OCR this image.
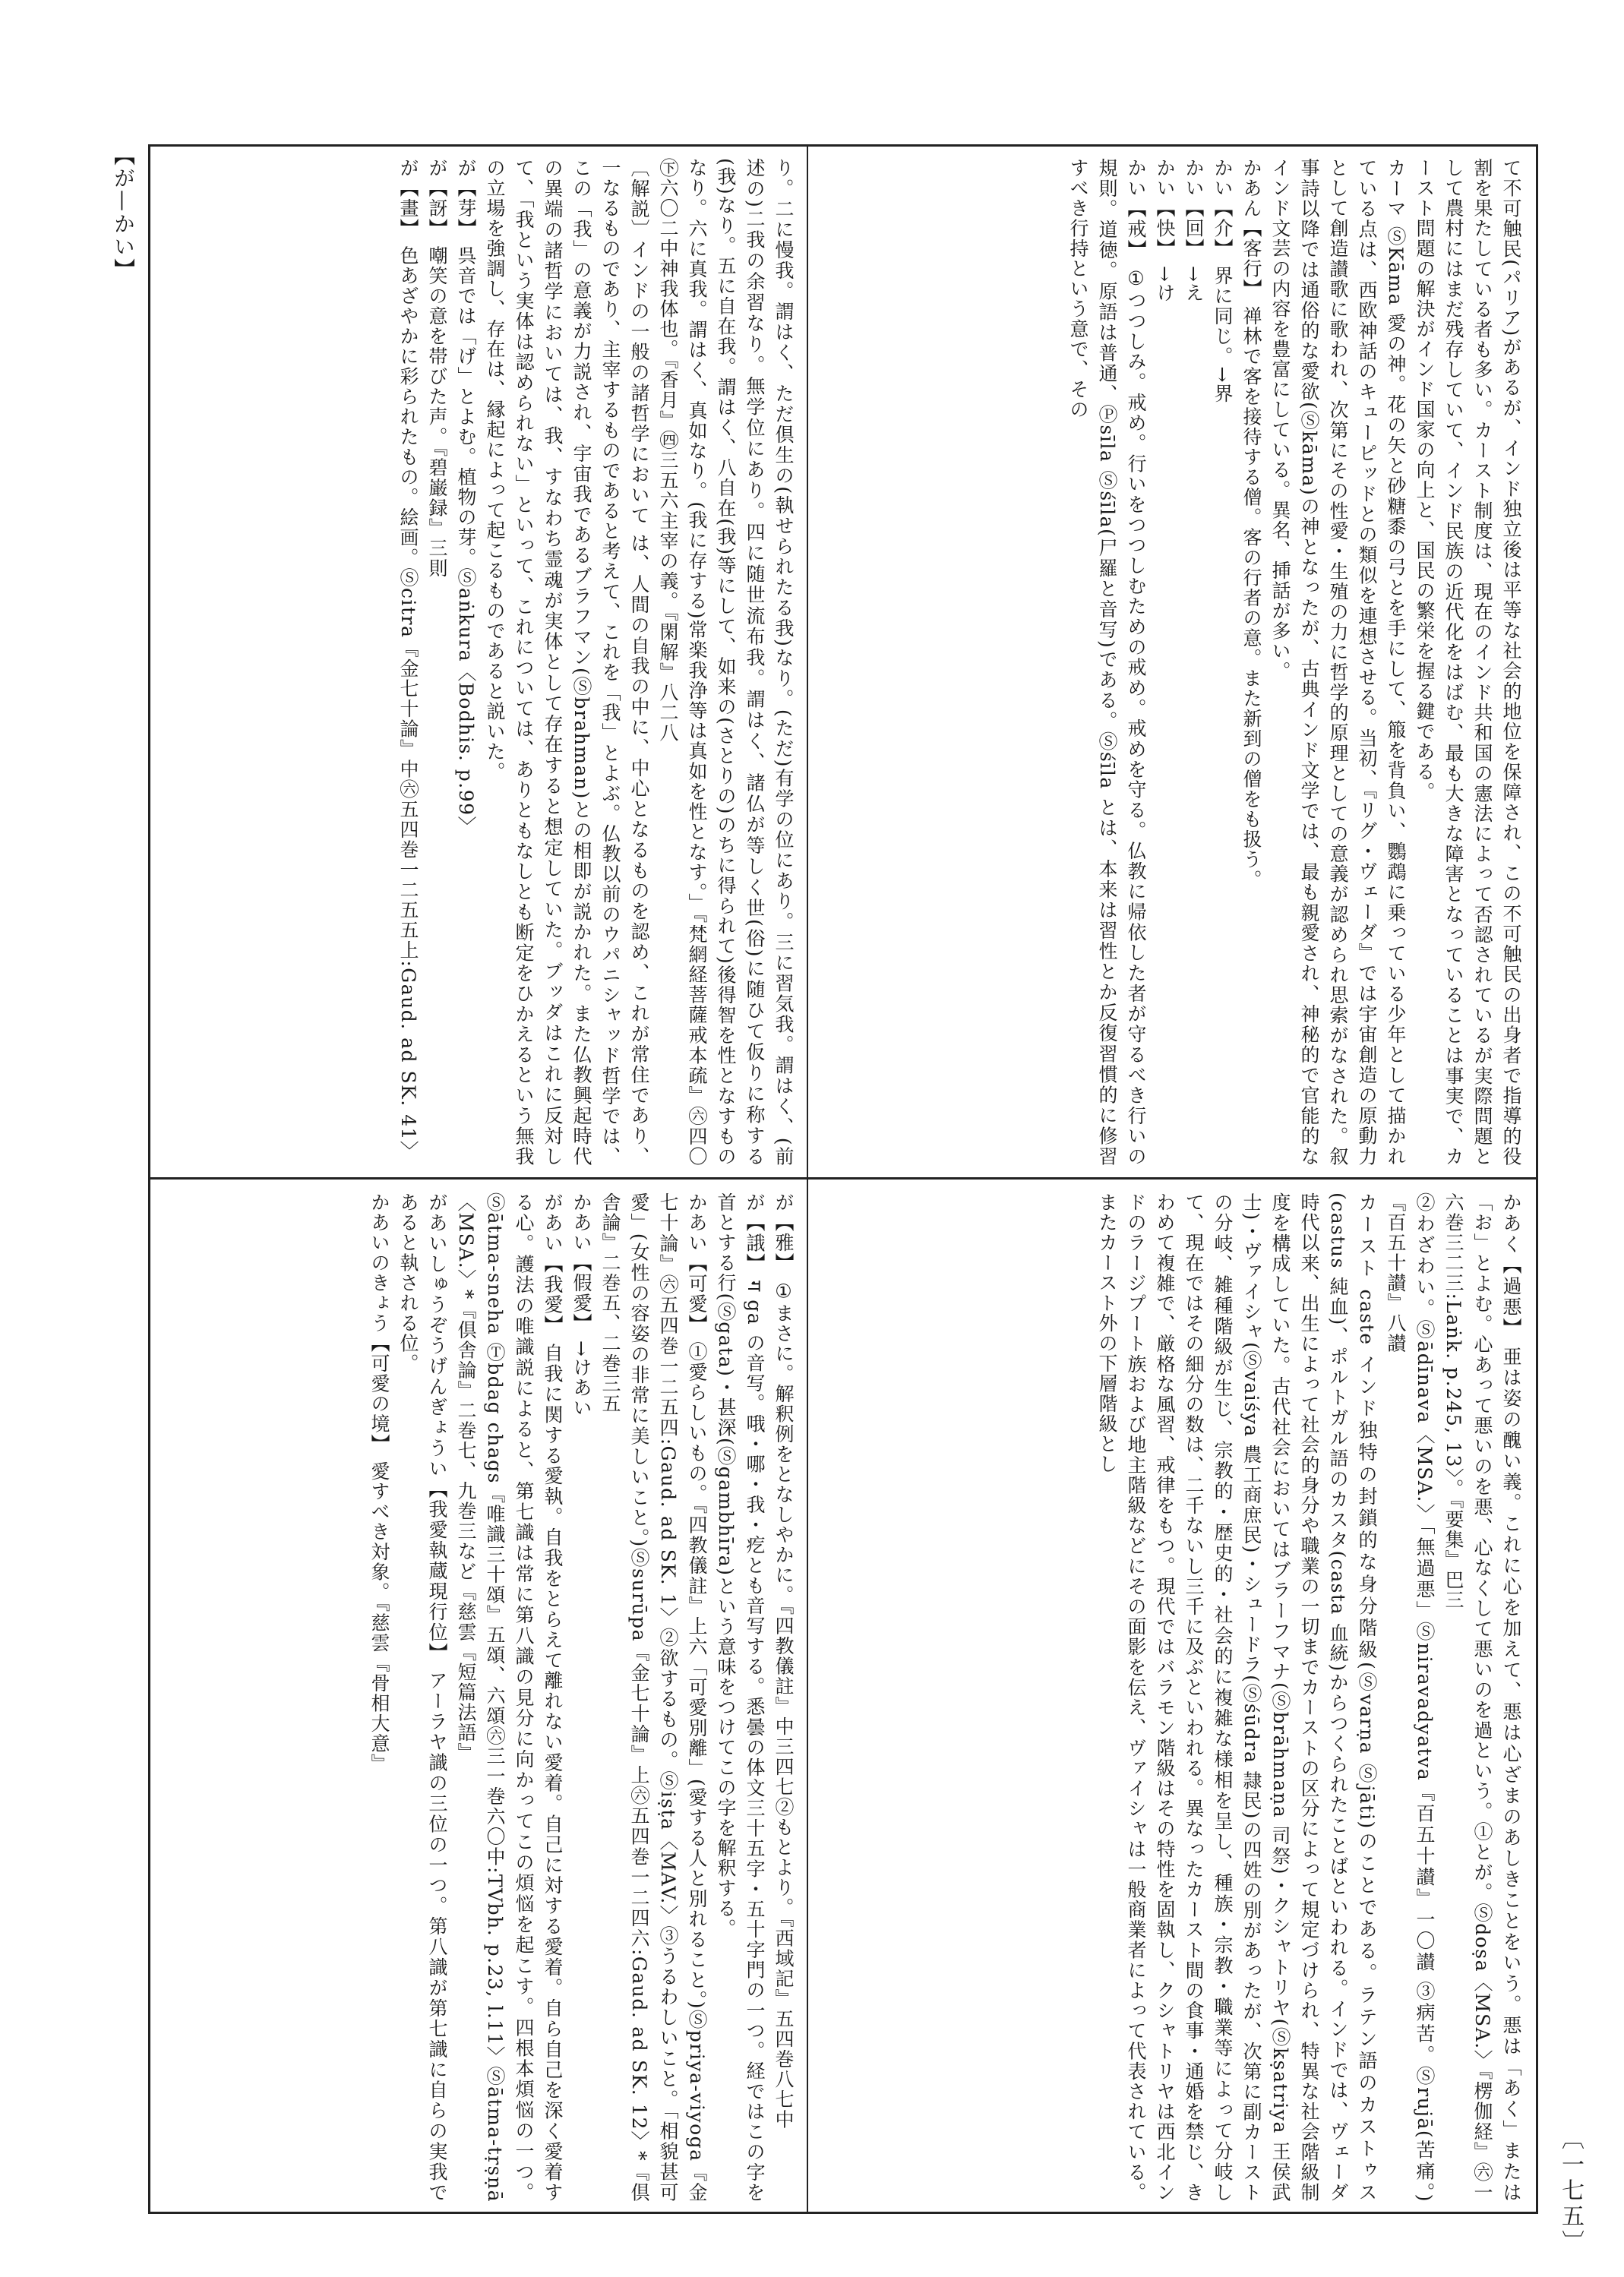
【が—かい】
〔一七五〕

て不可触民(パリア)があるが、インド独立後は平等な社会的地位を保障され、この不可触民の出身者で指導的役割を果たしている者も多い。カースト制度は、現在のインド共和国の憲法によって否認されているが実際問題として農村にはまだ残存していて、インド民族の近代化をはばむ、最も大きな障害となっていることは事実で、カースト問題の解決がインド国家の向上と、国民の繁栄を握る鍵である。

カーマ ⓈKāma 愛の神。花の矢と砂糖黍の弓とを手にして、箙を背負い、鸚鵡に乗っている少年として描かれている点は、西欧神話のキューピッドとの類似を連想させる。当初、『リグ・ヴェーダ』では宇宙創造の原動力として創造讃歌に歌われ、次第にその性愛・生殖の力に哲学的原理としての意義が認められ思索がなされた。叙事詩以降では通俗的な愛欲(Ⓢkāma)の神となったが、古典インド文学では、最も親愛され、神秘的で官能的なインド文芸の内容を豊富にしている。異名、挿話が多い。

かあん【客行】 禅林で客を接待する僧。客の行者の意。また新到の僧をも扱う。

かい【介】 界に同じ。→界

かい【回】 →え

かい【快】 →け

かい【戒】 ①つつしみ。戒め。行いをつつしむための戒め。戒めを守る。仏教に帰依した者が守るべき行いの規則。道徳。原語は普通、Ⓟsīla Ⓢśīla(尸羅と音写)である。Ⓢśīla とは、本来は習性とか反復習慣的に修習すべき行持という意で、その

り。二に慢我。謂はく、ただ倶生の(執せられたる我)なり。(ただ)有学の位にあり。三に習気我。謂はく、(前述の)二我の余習なり。無学位にあり。四に随世流布我。謂はく、諸仏が等しく世(俗)に随ひて仮りに称する(我)なり。五に自在我。謂はく、八自在(我)等にして、如来の(さとりの)のちに得られて)後得智を性となすものなり。六に真我。謂はく、真如なり。(我に存する)常楽我浄等は真如を性となす。」『梵網経菩薩戒本疏』㊅四〇㊦六〇二中神我体也。『香月』㊃三五六主宰の義。『閑解』八二八

〔解説〕インドの一般の諸哲学において は、人間の自我の中に、中心となるものを認め、これが常住であり、一なるものであり、主宰するものであると考えて、これを「我」とよぶ。仏教以前のウパニシャッド哲学では、この「我」の意義が力説され、宇宙我であるブラフマン(Ⓢbrahman)との相即が説かれた。また仏教興起時代の異端の諸哲学においては、我、すなわち霊魂が実体として存在すると想定していた。ブッダはこれに反対して、「我という実体は認められない」といって、これについては、ありともなしとも断定をひかえるという無我の立場を強調し、存在は、縁起によって起こるものであると説いた。

が【芽】 呉音では「げ」とよむ。植物の芽。Ⓢaṅkura〈Bodhis. p.99〉

が【訝】 嘲笑の意を帯びた声。『碧巌録』三則

が【畫】 色あざやかに彩られたもの。絵画。Ⓢcitra『金七十論』中㊅五四巻一二五五上:Gaud. ad SK. 41〉

かあく【過悪】 亜は姿の醜い義。これに心を加えて、悪は心ざまのあしきことをいう。悪は「あく」または「お」とよむ。心あって悪いのを悪、心なくして悪いのを過という。①とが。Ⓢdoṣa〈MSA.〉『楞伽経』㊅一六巻三二三:Laṅk. p.245, 13〉。『要集』巴三

②わざわい。Ⓢādīnava〈MSA.〉「無過悪」Ⓢniravadyatva『百五十讃』一〇讃 ③病苦。Ⓢrujā(苦痛。)『百五十讃』八讃

カースト caste インド独特の封鎖的な身分階級(Ⓢvarṇa Ⓢjāti)のことである。ラテン語のカストゥス(castus 純血)、ポルトガル語のカスタ(casta 血統)からつくられたことばといわれる。インドでは、ヴェーダ時代以来、出生によって社会的身分や職業の一切までカーストの区分によって規定づけられ、特異な社会階級制度を構成していた。古代社会においてはブラーフマナ(Ⓢbrāhmaṇa 司祭)・クシャトリヤ(Ⓢkṣatriya 王侯武士)・ヴァイシャ(Ⓢvaiśya 農工商庶民)・シュードラ(Ⓢśūdra 隷民)の四姓の別があったが、次第に副カーストの分岐、雑種階級が生じ、宗教的・歴史的・社会的に複雑な様相を呈し、種族・宗教・職業等によって分岐して、現在ではその細分の数は、二千ないし三千に及ぶといわれる。異なったカースト間の食事・通婚を禁じ、きわめて複雑で、厳格な風習、戒律をもつ。現代ではバラモン階級はその特性を固執し、クシャトリヤは西北インドのラージプート族および地主階級などにその面影を伝え、ヴァイシャは一般商業者によって代表されている。またカースト外の下層階級とし

が【雅】 ①まさに。解釈例をとなしやかに。『四教儀註』中三四七②もとより。『西域記』五四巻八七中

が【誐】 ग ga の音写。哦・哪・我・疙とも音写する。悉曇の体文三十五字・五十字門の一つ。経ではこの字を首とする行(Ⓢgata)・甚深(Ⓢgambhīra)という意味をつけてこの字を解釈する。

かあい【可愛】 ①愛らしいもの。『四教儀註』上六「可愛別離」(愛する人と別れること。)Ⓢpriya-viyoga『金七十論』㊅五四巻一二五四:Gaud. ad SK. 1〉②欲するもの。Ⓢiṣṭa〈MAV.〉③うるわしいこと。「相貌甚可愛」(女性の容姿の非常に美しいこと。)Ⓢsurūpa『金七十論』上㊅五四巻一二四六:Gaud. ad SK. 12〉*『倶舎論』二巻五、二巻三五

かあい【假愛】 →けあい

があい【我愛】 自我に関する愛執。自我をとらえて離れない愛着。自己に対する愛着。自ら自己を深く愛着する心。護法の唯識説によると、第七識は常に第八識の見分に向かってこの煩悩を起こす。四根本煩悩の一つ。Ⓢātma-sneha Ⓣbdag chags『唯識三十頌』五頌、六頌㊅三一巻六〇中:TVbh. p.23, l.11〉Ⓢātma-tṛṣṇā〈MSA.〉*『倶舎論』二巻七、九巻三など『慈雲『短篇法語』

があいしゅうぞうげんぎょうい【我愛執蔵現行位】 アーラヤ識の三位の一つ。第八識が第七識に自らの実我であると執される位。

かあいのきょう【可愛の境】 愛すべき対象。『慈雲『骨相大意』
